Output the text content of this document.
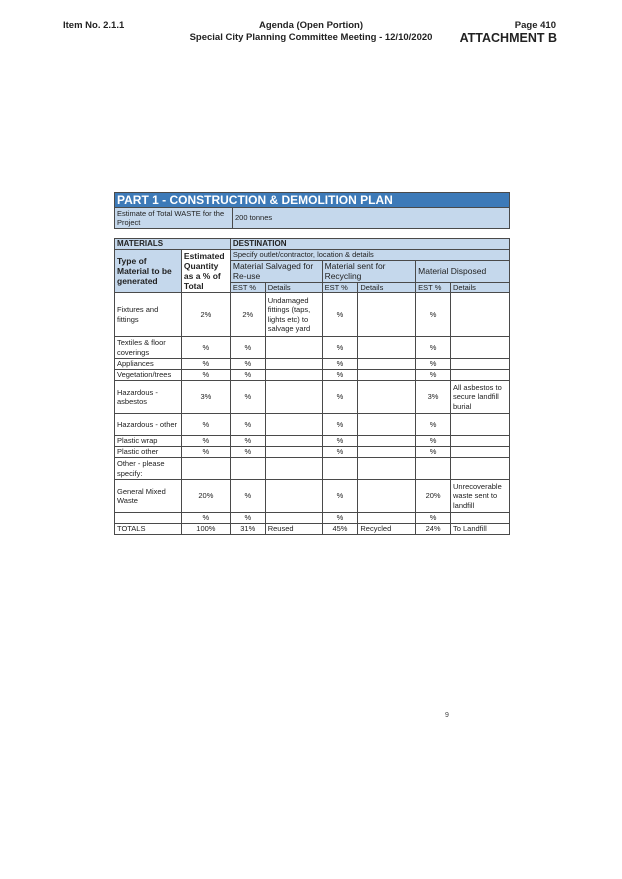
Item No. 2.1.1	Agenda (Open Portion)
Special City Planning Committee Meeting - 12/10/2020
Page 410
ATTACHMENT B
PART 1 - CONSTRUCTION & DEMOLITION PLAN
Estimate of Total WASTE for the Project	200 tonnes
MATERIALS		DESTINATION					
Type of Material to be generated	Estimated Quantity as a % of Total	Specify outlet/contractor, location & details					
		Material Salvaged for Re-use		Material sent for Recycling		Material Disposed	
		EST %	Details	EST %	Details	EST %	Details
Fixtures and fittings	2%	2%	Undamaged fittings (taps, lights etc) to salvage yard	%		%	
Textiles & floor coverings	%	%		%		%	
Appliances	%	%		%		%	
Vegetation/trees	%	%		%		%	
Hazardous - asbestos	3%	%		%		3%	All asbestos to secure landfill burial
Hazardous - other	%	%		%		%	
Plastic wrap	%	%		%		%	
Plastic other	%	%		%		%	
Other - please specify:							
General Mixed Waste	20%	%		%		20%	Unrecoverable waste sent to landfill
	%	%		%		%	
TOTALS	100%	31%	Reused	45%	Recycled	24%	To Landfill
9
